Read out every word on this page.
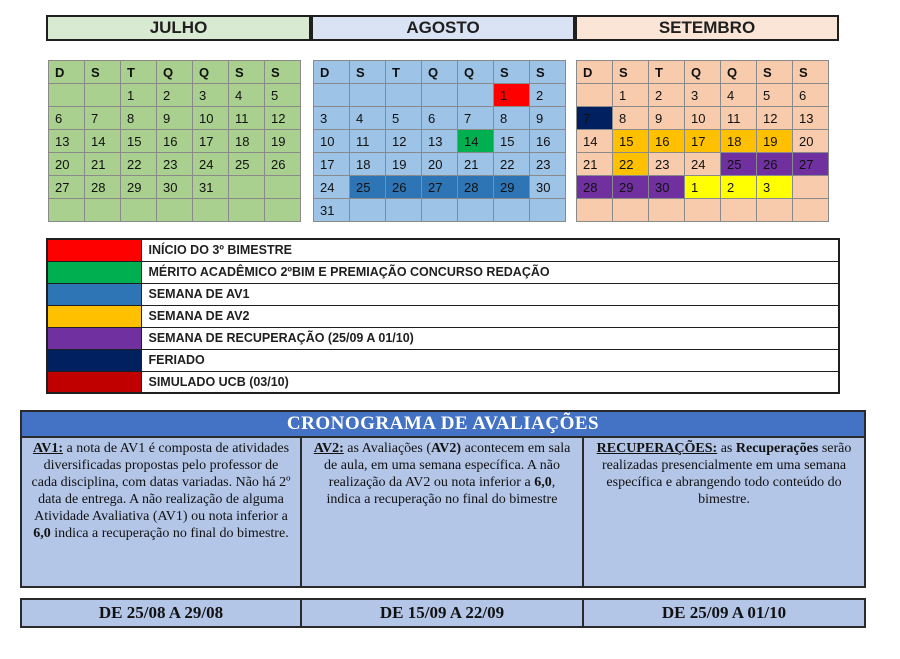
JULHO	AGOSTO	SETEMBRO
D	S	T	Q	Q	S	S
		1	2	3	4	5
6	7	8	9	10	11	12
13	14	15	16	17	18	19
20	21	22	23	24	25	26
27	28	29	30	31		

D	S	T	Q	Q	S	S
					1	2
3	4	5	6	7	8	9
10	11	12	13	14	15	16
17	18	19	20	21	22	23
24	25	26	27	28	29	30
31						
D	S	T	Q	Q	S	S
	1	2	3	4	5	6
7	8	9	10	11	12	13
14	15	16	17	18	19	20
21	22	23	24	25	26	27
28	29	30	1	2	3	

	INÍCIO DO 3º BIMESTRE
	MÉRITO ACADÊMICO 2ºBIM E PREMIAÇÃO CONCURSO REDAÇÃO
	SEMANA DE AV1
	SEMANA DE AV2
	SEMANA DE RECUPERAÇÃO (25/09 A 01/10)
	FERIADO
	SIMULADO UCB (03/10)
CRONOGRAMA DE AVALIAÇÕES
AV1: a nota de AV1 é composta de atividades diversificadas propostas pelo professor de cada disciplina, com datas variadas. Não há 2º data de entrega. A não realização de alguma Atividade Avaliativa (AV1) ou nota inferior a 6,0 indica a recuperação no final do bimestre.	AV2: as Avaliações (AV2) acontecem em sala de aula, em uma semana específica. A não realização da AV2 ou nota inferior a 6,0, indica a recuperação no final do bimestre	RECUPERAÇÕES: as Recuperações serão realizadas presencialmente em uma semana específica e abrangendo todo conteúdo do bimestre.
DE 25/08 A 29/08	DE 15/09 A 22/09	DE 25/09 A 01/10
